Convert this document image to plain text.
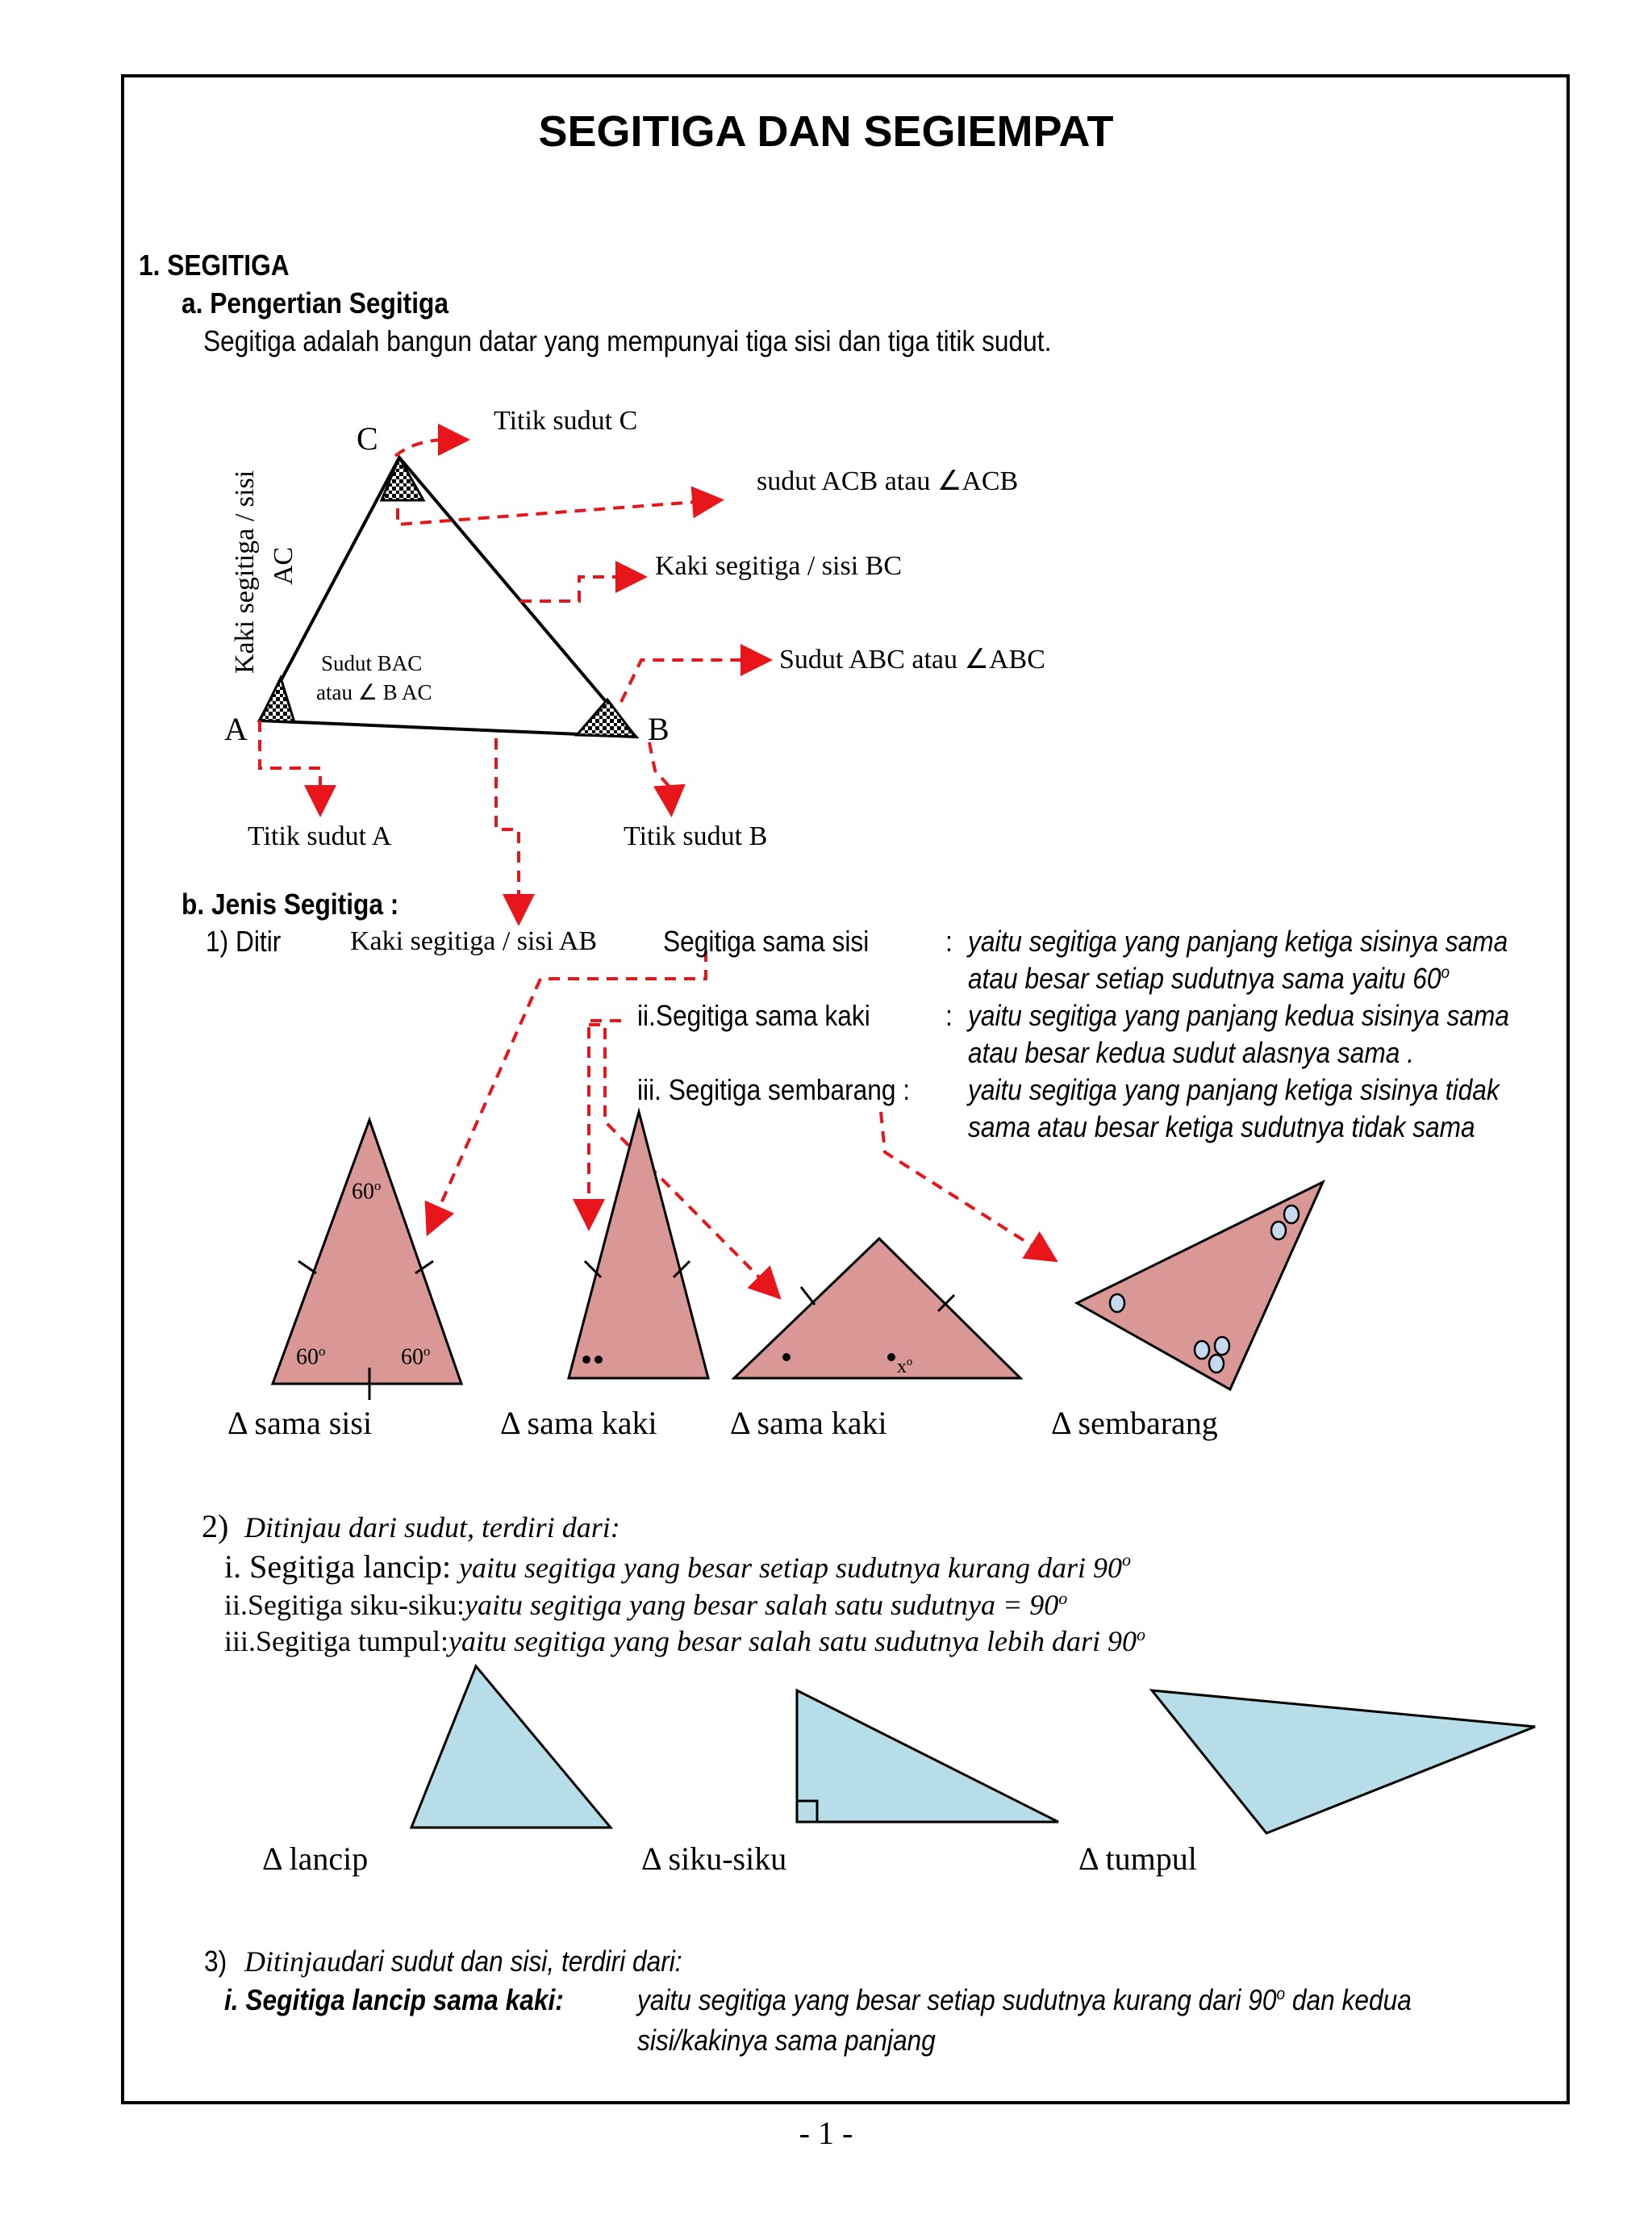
SEGITIGA DAN SEGIEMPAT
1. SEGITIGA
a. Pengertian Segitiga
Segitiga adalah bangun datar yang mempunyai tiga sisi dan tiga titik sudut.
C
A	B
Titik sudut C
sudut ACB atau ∠ACB
Kaki segitiga / sisi BC
Sudut ABC atau ∠ABC
Sudut BAC
atau ∠ B AC
Titik sudut A	Titik sudut B
Kaki segitiga / sisi AC
b. Jenis Segitiga :
1) Ditir	Kaki segitiga / sisi AB Segitiga sama sisi	: yaitu segitiga yang panjang ketiga sisinya sama
atau besar setiap sudutnya sama yaitu 60$^o$
ii.Segitiga sama kaki	: yaitu segitiga yang panjang kedua sisinya sama
atau besar kedua sudut alasnya sama .
iii. Segitiga sembarang : yaitu segitiga yang panjang ketiga sisinya tidak
sama atau besar ketiga sudutnya tidak sama
60$^o$
60$^o$	60$^o$
$x^o$
Δ sama sisi	Δ sama kaki Δ sama kaki	Δ sembarang
2) Ditinjau dari sudut, terdiri dari:
i. Segitiga lancip: yaitu segitiga yang besar setiap sudutnya kurang dari 90$^o$
ii.Segitiga siku-siku:yaitu segitiga yang besar salah satu sudutnya = $90^o$
iii.Segitiga tumpul:yaitu segitiga yang besar salah satu sudutnya lebih dari 90$^o$
Δ lancip	Δ siku-siku	Δ tumpul
3) Ditinjaudari sudut dan sisi, terdiri dari:
i. Segitiga lancip sama kaki:	yaitu segitiga yang besar setiap sudutnya kurang dari 90$^o$ dan kedua
sisi/kakinya sama panjang
- 1 -
